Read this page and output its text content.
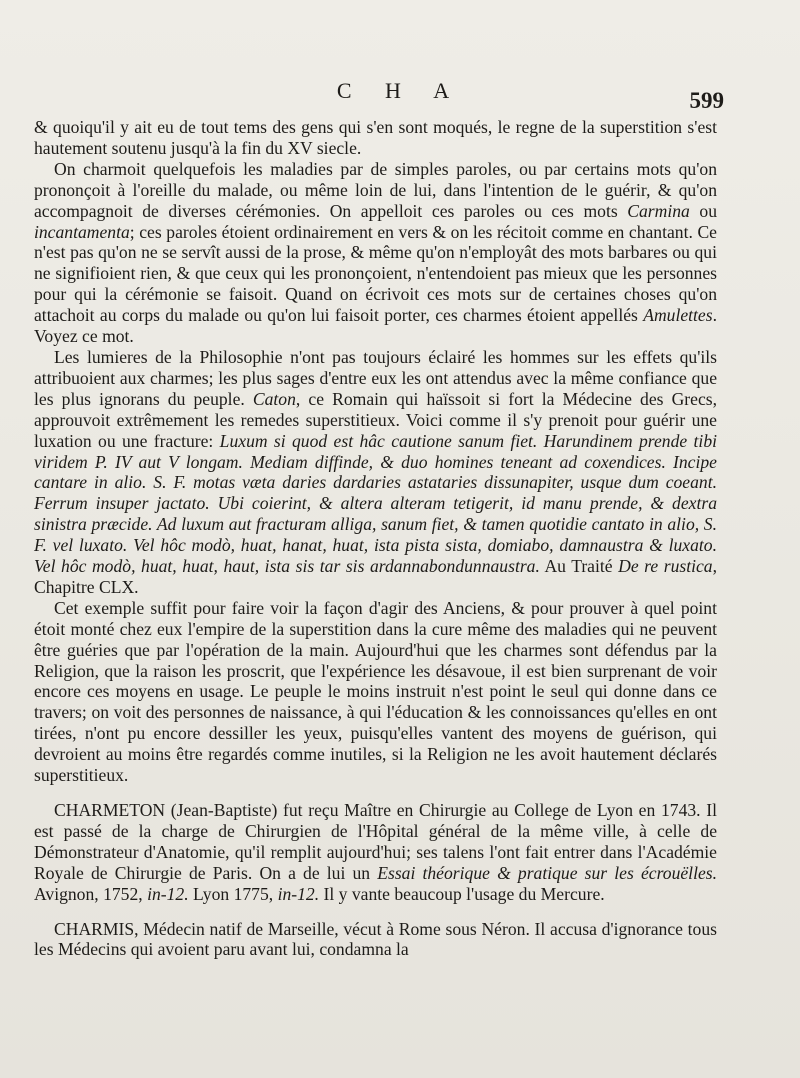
C H A	599

& quoiqu'il y ait eu de tout tems des gens qui s'en sont moqués, le regne de la superstition s'est hautement soutenu jusqu'à la fin du XV siecle.

On charmoit quelquefois les maladies par de simples paroles, ou par certains mots qu'on prononçoit à l'oreille du malade, ou même loin de lui, dans l'intention de le guérir, & qu'on accompagnoit de diverses cérémonies. On appelloit ces paroles ou ces mots Carmina ou incantamenta; ces paroles étoient ordinairement en vers & on les récitoit comme en chantant. Ce n'est pas qu'on ne se servît aussi de la prose, & même qu'on n'employât des mots barbares ou qui ne signifioient rien, & que ceux qui les prononçoient, n'entendoient pas mieux que les personnes pour qui la cérémonie se faisoit. Quand on écrivoit ces mots sur de certaines choses qu'on attachoit au corps du malade ou qu'on lui faisoit porter, ces charmes étoient appellés Amulettes. Voyez ce mot.

Les lumieres de la Philosophie n'ont pas toujours éclairé les hommes sur les effets qu'ils attribuoient aux charmes; les plus sages d'entre eux les ont attendus avec la même confiance que les plus ignorans du peuple. Caton, ce Romain qui haïssoit si fort la Médecine des Grecs, approuvoit extrêmement les remedes superstitieux. Voici comme il s'y prenoit pour guérir une luxation ou une fracture: Luxum si quod est hâc cautione sanum fiet. Harundinem prende tibi viridem P. IV aut V longam. Mediam diffinde, & duo homines teneant ad coxendices. Incipe cantare in alio. S. F. motas væta daries dardaries astataries dissunapiter, usque dum coeant. Ferrum insuper jactato. Ubi coierint, & altera alteram tetigerit, id manu prende, & dextra sinistra præcide. Ad luxum aut fracturam alliga, sanum fiet, & tamen quotidie cantato in alio, S. F. vel luxato. Vel hôc modò, huat, hanat, huat, ista pista sista, domiabo, damnaustra & luxato. Vel hôc modò, huat, huat, haut, ista sis tar sis ardannabondunnaustra. Au Traité De re rustica, Chapitre CLX.

Cet exemple suffit pour faire voir la façon d'agir des Anciens, & pour prouver à quel point étoit monté chez eux l'empire de la superstition dans la cure même des maladies qui ne peuvent être guéries que par l'opération de la main. Aujourd'hui que les charmes sont défendus par la Religion, que la raison les proscrit, que l'expérience les désavoue, il est bien surprenant de voir encore ces moyens en usage. Le peuple le moins instruit n'est point le seul qui donne dans ce travers; on voit des personnes de naissance, à qui l'éducation & les connoissances qu'elles en ont tirées, n'ont pu encore dessiller les yeux, puisqu'elles vantent des moyens de guérison, qui devroient au moins être regardés comme inutiles, si la Religion ne les avoit hautement déclarés superstitieux.

CHARMETON (Jean-Baptiste) fut reçu Maître en Chirurgie au College de Lyon en 1743. Il est passé de la charge de Chirurgien de l'Hôpital général de la même ville, à celle de Démonstrateur d'Anatomie, qu'il remplit aujourd'hui; ses talens l'ont fait entrer dans l'Académie Royale de Chirurgie de Paris. On a de lui un Essai théorique & pratique sur les écrouëlles. Avignon, 1752, in-12. Lyon 1775, in-12. Il y vante beaucoup l'usage du Mercure.

CHARMIS, Médecin natif de Marseille, vécut à Rome sous Néron. Il accusa d'ignorance tous les Médecins qui avoient paru avant lui, condamna la
